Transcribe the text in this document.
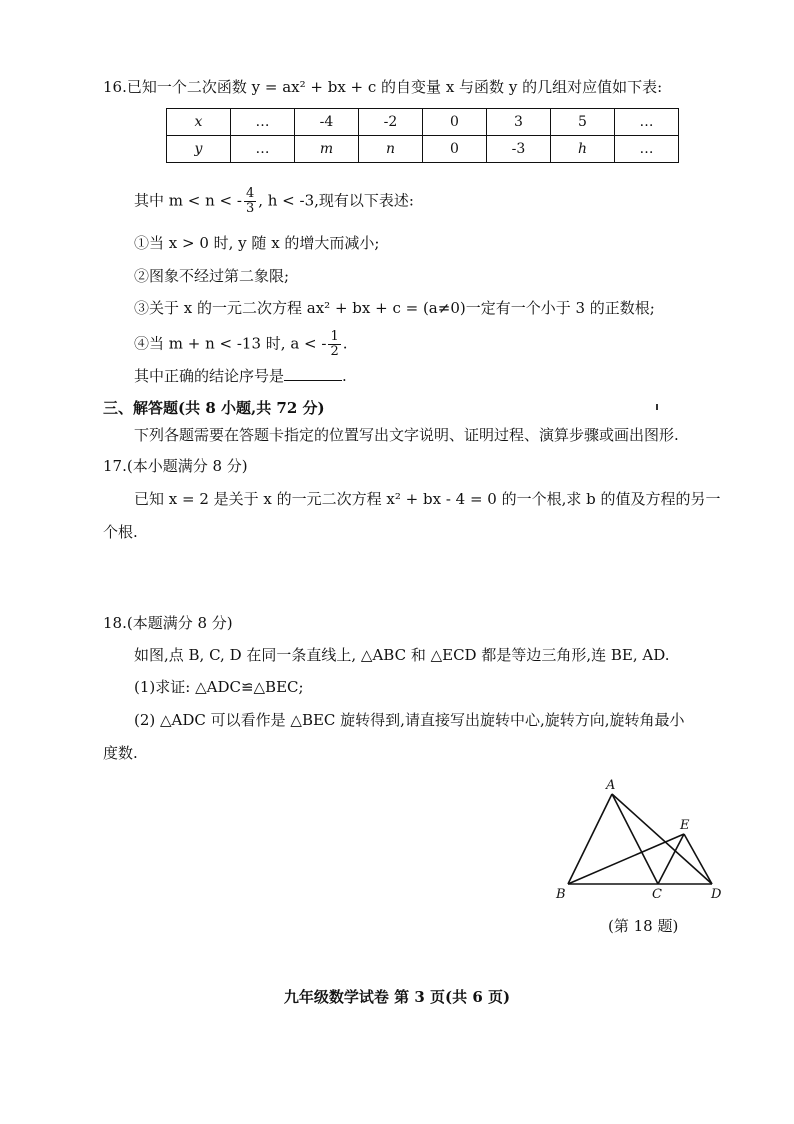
16.已知一个二次函数 y = ax² + bx + c 的自变量 x 与函数 y 的几组对应值如下表:
x	…	-4	-2	0	3	5	…
y	…	m	n	0	-3	h	…
其中 m < n < - $\frac{4}{3}$ , h < -3,现有以下表述:
①当 x > 0 时, y 随 x 的增大而减小;
②图象不经过第二象限;
③关于 x 的一元二次方程 ax² + bx + c = (a≠0)一定有一个小于 3 的正数根;
④当 m + n < -13 时, a < - $\frac{1}{2}$ .
其中正确的结论序号是	.
三、解答题(共 8 小题,共 72 分)
下列各题需要在答题卡指定的位置写出文字说明、证明过程、演算步骤或画出图形.
17.(本小题满分 8 分)
已知 x = 2 是关于 x 的一元二次方程 x² + bx - 4 = 0 的一个根,求 b 的值及方程的另一
个根.
18.(本题满分 8 分)
如图,点 B, C, D 在同一条直线上, △ABC 和 △ECD 都是等边三角形,连 BE, AD.
(1)求证: △ADC≌△BEC;
(2) △ADC 可以看作是 △BEC 旋转得到,请直接写出旋转中心,旋转方向,旋转角最小
度数.
A
E
B	C	D
(第 18 题)
九年级数学试卷 第 3 页(共 6 页)
